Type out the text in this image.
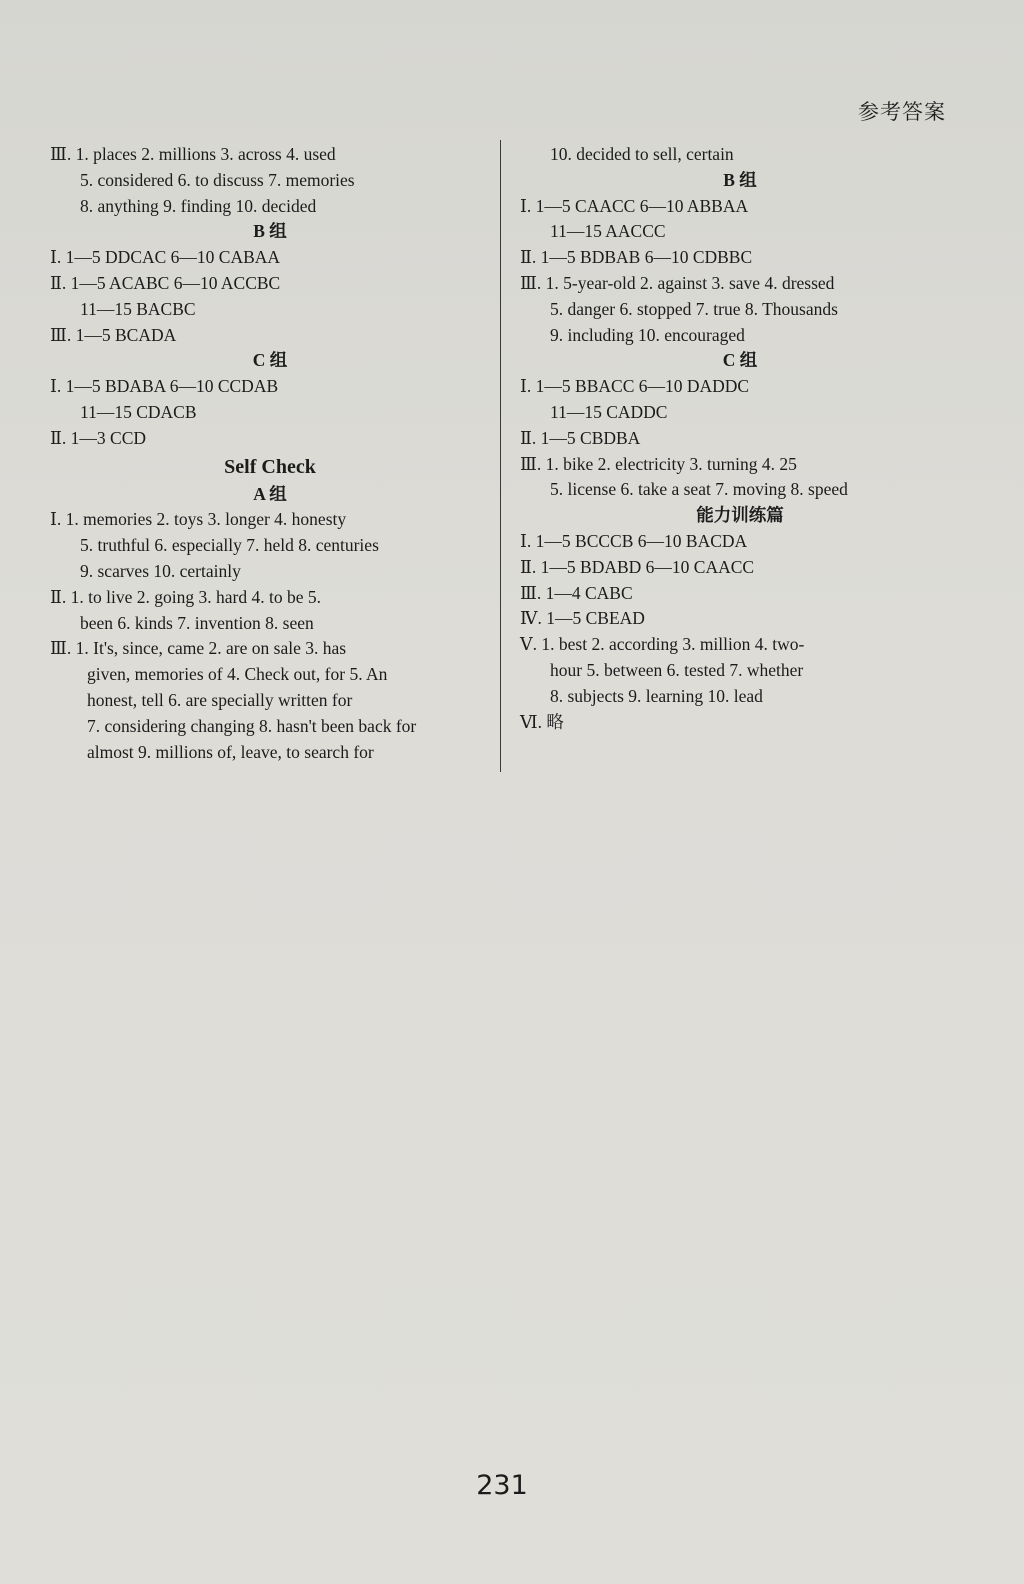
参考答案
Ⅲ. 1. places 2. millions 3. across 4. used
5. considered 6. to discuss 7. memories
8. anything 9. finding 10. decided
B 组
Ⅰ. 1—5 DDCAC 6—10 CABAA
Ⅱ. 1—5 ACABC 6—10 ACCBC
11—15 BACBC
Ⅲ. 1—5 BCADA
C 组
Ⅰ. 1—5 BDABA 6—10 CCDAB
11—15 CDACB
Ⅱ. 1—3 CCD
Self Check
A 组
Ⅰ. 1. memories 2. toys 3. longer 4. honesty
5. truthful 6. especially 7. held 8. centuries
9. scarves 10. certainly
Ⅱ. 1. to live 2. going 3. hard 4. to be 5.
been 6. kinds 7. invention 8. seen
Ⅲ. 1. It's, since, came 2. are on sale 3. has
given, memories of 4. Check out, for 5. An
honest, tell 6. are specially written for
7. considering changing 8. hasn't been back for
almost 9. millions of, leave, to search for
10. decided to sell, certain
B 组
Ⅰ. 1—5 CAACC 6—10 ABBAA
11—15 AACCC
Ⅱ. 1—5 BDBAB 6—10 CDBBC
Ⅲ. 1. 5-year-old 2. against 3. save 4. dressed
5. danger 6. stopped 7. true 8. Thousands
9. including 10. encouraged
C 组
Ⅰ. 1—5 BBACC 6—10 DADDC
11—15 CADDC
Ⅱ. 1—5 CBDBA
Ⅲ. 1. bike 2. electricity 3. turning 4. 25
5. license 6. take a seat 7. moving 8. speed
能力训练篇
Ⅰ. 1—5 BCCCB 6—10 BACDA
Ⅱ. 1—5 BDABD 6—10 CAACC
Ⅲ. 1—4 CABC
Ⅳ. 1—5 CBEAD
Ⅴ. 1. best 2. according 3. million 4. two-
hour 5. between 6. tested 7. whether
8. subjects 9. learning 10. lead
Ⅵ. 略
231
